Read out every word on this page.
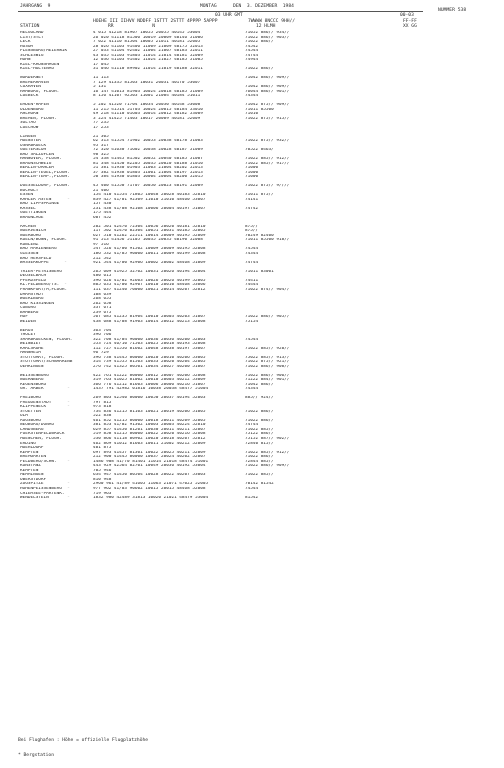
NUMMER 538
JAHRGANG  9	MONTAG	DEN  3. DEZEMBER  1984
03 UHR GMT	00-03
STATION
HOEHE III IIHVV NDDFF 1STTT 2STTT 4PPPP 5APPP
RR              N
7WWWW 8NCCC 9HH//
12 HLMH
FF-FF
XX GG
HELGOLAND	4 015 41218 81907 10055 20055 40145 53004	71052 886// 934//
LIST/SYLT	26 020 41118 81506 10019 20009 40146 51006	71022 886// 903//
LECK	7 022 41110 81504 10005 21011 40181 52005	71022 886//
HUSUM	28 026 41103 91406 11009 21009 40175 52013	74542
FLENSBURG/MEIERWIK	27 033 41104 92402 11004 21007 40183 52011	74544
SCHLESWIG	43 035 41103 91803 11014 21014 40181 52009	74744
HOHN	12 036 41103 91402 11024 21027 40185 51005	74944
KIEL-KRONSHAGEN	17 045
KIEL-HOLTENAU	31 046 41110 89902 11014 21019 40188 52011	71022 886//
NORDERNEY	11 113	71042 886// 909//
BREMERHAVEN	7 129 41335 81503 10031 20031 40170 53007
CUXHAVEN	5 131	71042 886// 909//
HAMBURG, FLUGH.	16 147 41013 81903 10024 20018 40185 51009	76044 886// 901//
LUEBECK	8 156 41107 92503 11001 21004 40184 51011	74344
EMDEN-HAFEN	5 202 41520 71704 10034 20030 40148 53008	71042 875// 909//
OLDENBURG	11 215 41514 51703 10024 20015 40184 53010	71011 85500
AHLHORN	49 218 41110 01603 10014 20012 40182 53009	71010
BREMEN, FLUGH.	3 224 41425 71403 10017 20009 40181 52009	71022 875// 915//
SOLTAU	77 235
LUECHOW	17 253
LINGEN	21 305
MUENSTER	62 313 41554 71902 10053 20038 40178 51003	71022 875// 932//
OSNABRUECK	95 317
GUETERSLOH	72 320 41630 71602 10038 20028 40187 51009	70522 8463/
BAD SALZUFLEN	98 325
HANNOVER, FLUGH.	54 338 41445 81502 10052 20040 40185 51007	71022 885// 912//
BRAUNSCHWEIG	81 348 41450 82205 10035 20020 40188 51010	71022 885// 917//
BERLIN-DAHLEM	51 381 41930 01903 11003 21004 40202 52013	71000
BERLIN-TEGEL,FLUGH.	37 382 41938 01803 11001 21004 40197 52013	71000
BERLIN-TEMP.,FLUGH.	50 384 41930 01803 10004 20004 40200 52015	71000
DUESSELDORF, FLUGH.	45 400 41550 71707 10050 20023 40191 52009	71022 875// 9////
BOCHOLT	21 406
ESSEN	154 410 41554 71805 10048 20028 40183 52010	71011 875//
KAHLER ASTEN      *	839 427 41/01 92309 11010 21010 48460 53007	74141
BAD LIPPSPRINGE	157 430
KASSEL	231 438 41/08 92108 10006 20004 40197 51007	74742
GOETTINGEN	175 444
BRAUNLAGE	607 452
AACHEN	202 501 42470 72304 10056 20020 40181 52010	875//
NOERVENICH	117 502 42470 82304 10051 20031 40185 52005	875//
NUERBURG	627 510 41262 22511 10014 20009 40195 52009	70249 82400
KOELN/BONN, FLUGH.	91 513 41456 51105 10035 20035 40190 52008	71011 85500 918//
KOBLENZ	97 516
BAD MARIENBERG	547 526 41/00 91502 10009 20009 40195 52008	74544
GIESSEN	186 532 41/05 90000 10011 20009 40199 52008	74344
BAD HERSFELD	212 542
WASSERKUPPE      *	921 544 41/00 92906 10002 20002 48468 51009	74744
TRIER-PETRISBERG	265 609 41925 32702 10031 20026 40194 52004	71011 83001
DEUSELBACH	480 615
PFERDSFELD	396 626 41/02 92603 10026 20026 40199 52005	74411
KL.FELDBERG/TS.  *	805 635 41/00 92907 10010 20010 48468 53006	74444
FRANKFURT/M,FLUGH.	111 637 41240 70000 10021 20014 40207 52012	71022 874// 904//
DARMSTADT	108 639
WUERZBURG	268 655
BAD KISSINGEN	262 658
COBURG	337 671
BAMBERG	239 675
HOF	567 685 41235 81904 10010 20003 40203 51007	71022 886// 905//
WEIDEN	438 688 41/08 91903 10014 20012 40213 52008	75154
BERUS	363 704
THOLEY	396 706
SAARBRUECKEN, FLUGH.	322 708 41/04 90000 10036 20036 40200 52003	74544
WEINBIET	553 724 46/10 71503 10025 20018 40193 52008
KARLSRUHE	112 727 41556 81602 10048 20038 40197 53007	71022 885// 920//
MANNHEIM	96 729
STUTTGART, FLUGH.	396 738 41445 80000 10020 20010 40206 53005	75022 885// 913//
STUTTGART/SCHNARRENB	314 739 41555 81503 10033 20020 40204 52005	71022 875// 921//
OEHRINGEN	276 742 41325 80501 10034 20027 40200 51007	71022 886// 908//
WEISSENBURG	422 761 41222 80000 10012 20007 40206 52008	71022 886// 906//
NUERNBERG	319 763 41025 81002 10010 20003 40212 53009	71222 884// 901//
REGENSBURG	366 776 41212 81603 10006 20006 40216 51007	71042 886//
GR. ARBER         *	1437 791 42982 01816 10038 20038 48477 51004	74344
FREIBURG	269 803 42540 80000 10050 20037 40194 52003	885// 924//
FREUDENSTADT      *	797 815
KLIPPENECK        *	973 818
STOETTEN	734 836 41215 81103 10021 20019 40206 51005	71022 886//
ULM	522 838
AUGSBURG	461 852 41215 80000 10018 20011 40209 52005	71022 886//
NEUBURG/DONAU	381 853 41/02 91302 10003 20003 40224 52010	74744
LANDSBERG	629 857 41450 81201 10030 20011 40211 52007	71022 885//
FUERSTENFELDBRUCK	519 858 41215 80000 10022 20020 40216 52008	75122 886//
MUENCHEN, FLUGH.	530 866 41118 80902 10020 20018 40207 52012	75152 887// 902//
ERDING	462 869 41012 81603 10011 21002 40212 52009	72840 815//
MUEHLDORF	401 875
KEMPTEN	697 893 41457 81301 10022 20025 40211 52009	71022 885// 912//
BREMGARTEN	212 900 41445 80000 10037 20024 40202 52007	71022 886//
FELDBERG/SCHW.    *	1486 908 41/70 81401 11014 21018 48474 51001	72844 885//
KONSTANZ	443 929 42564 82701 10049 20036 40192 53004	71022 886// 909//
KEMPTEN	705 946
MEMMINGEN	634 947 41450 80504 10028 20022 40207 53003	71022 885//
OBERSTDORF	810 948
ZUGSPITZE         *	2960 961 41/89 41605 11063 21071 47025 52005	70142 81542
HOHENPEISSENBERG  *	977 962 41/03 90602 10015 20015 48468 52008	74544
CHIEMSEE-PARTENK.	719 963
WENDELSTEIN       *	1832 980 42489 31813 10020 21021 48479 53004	81542

Bei Flughafen : Höhe = offizielle Flugplatzhöhe

* Bergstation
